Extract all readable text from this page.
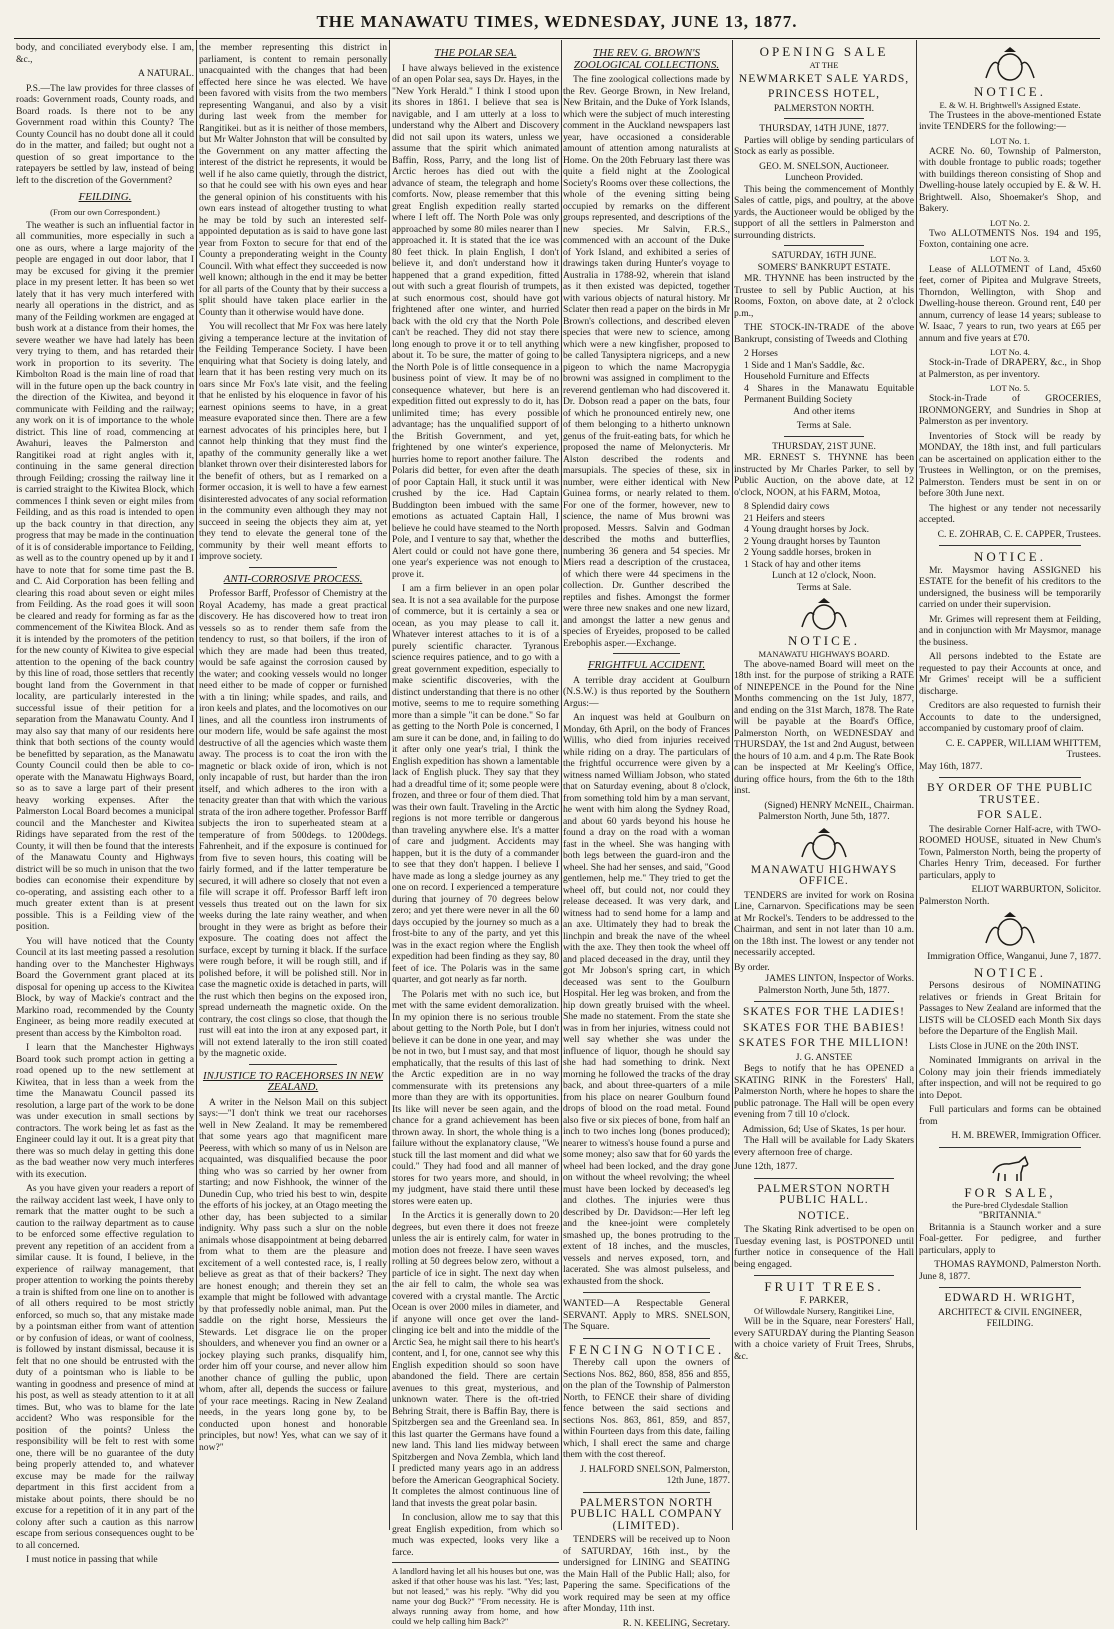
THE MANAWATU TIMES, WEDNESDAY, JUNE 13, 1877.

body, and conciliated everybody else. I am, &c.,

A NATURAL.

P.S.—The law provides for three classes of roads: Government roads, County roads, and Board roads. Is there not to be any Government road within this County? The County Council has no doubt done all it could do in the matter, and failed; but ought not a question of so great importance to the ratepayers be settled by law, instead of being left to the discretion of the Government?

FEILDING.

(From our own Correspondent.)

The weather is such an influential factor in all communities, more especially in such a one as ours, where a large majority of the people are engaged in out door labor, that I may be excused for giving it the premier place in my present letter. It has been so wet lately that it has very much interfered with nearly all operations in the district, and as many of the Feilding workmen are engaged at bush work at a distance from their homes, the severe weather we have had lately has been very trying to them, and has retarded their work in proportion to its severity. The Kimbolton Road is the main line of road that will in the future open up the back country in the direction of the Kiwitea, and beyond it communicate with Feilding and the railway; any work on it is of importance to the whole district. This line of road, commencing at Awahuri, leaves the Palmerston and Rangitikei road at right angles with it, continuing in the same general direction through Feilding; crossing the railway line it is carried straight to the Kiwitea Block, which commences I think seven or eight miles from Feilding, and as this road is intended to open up the back country in that direction, any progress that may be made in the continuation of it is of considerable importance to Feilding, as well as to the country opened up by it and I have to note that for some time past the B. and C. Aid Corporation has been felling and clearing this road about seven or eight miles from Feilding. As the road goes it will soon be cleared and ready for forming as far as the commencement of the Kiwitea Block. And as it is intended by the promoters of the petition for the new county of Kiwitea to give especial attention to the opening of the back country by this line of road, those settlers that recently bought land from the Government in that locality, are particularly interested in the successful issue of their petition for a separation from the Manawatu County. And I may also say that many of our residents here think that both sections of the county would be benefitted by separation, as the Manawatu County Council could then be able to co-operate with the Manawatu Highways Board, so as to save a large part of their present heavy working expenses. After the Palmerston Local Board becomes a municipal council and the Manchester and Kiwitea Ridings have separated from the rest of the County, it will then be found that the interests of the Manawatu County and Highways district will be so much in unison that the two bodies can economise their expenditure by co-operating, and assisting each other to a much greater extent than is at present possible. This is a Feilding view of the position.

You will have noticed that the County Council at its last meeting passed a resolution handing over to the Manchester Highways Board the Government grant placed at its disposal for opening up access to the Kiwitea Block, by way of Mackie's contract and the Markino road, recommended by the County Engineer, as being more readily executed at present than access by the Kimbolton road.

I learn that the Manchester Highways Board took such prompt action in getting a road opened up to the new settlement at Kiwitea, that in less than a week from the time the Manawatu Council passed its resolution, a large part of the work to be done was under execution in small sections by contractors. The work being let as fast as the Engineer could lay it out. It is a great pity that there was so much delay in getting this done as the bad weather now very much interferes with its execution.

As you have given your readers a report of the railway accident last week, I have only to remark that the matter ought to be such a caution to the railway department as to cause to be enforced some effective regulation to prevent any repetition of an accident from a similar cause. It is found, I believe, in the experience of railway management, that proper attention to working the points thereby a train is shifted from one line on to another is of all others required to be most strictly enforced, so much so, that any mistake made by a pointsman either from want of attention or by confusion of ideas, or want of coolness, is followed by instant dismissal, because it is felt that no one should be entrusted with the duty of a pointsman who is liable to be wanting in goodness and presence of mind at his post, as well as steady attention to it at all times. But, who was to blame for the late accident? Who was responsible for the position of the points? Unless the responsibility will be felt to rest with some one, there will be no guarantee of the duty being properly attended to, and whatever excuse may be made for the railway department in this first accident from a mistake about points, there should be no excuse for a repetition of it in any part of the colony after such a caution as this narrow escape from serious consequences ought to be to all concerned.

I must notice in passing that while

the member representing this district in parliament, is content to remain personally unacquainted with the changes that had been effected here since he was elected. We have been favored with visits from the two members representing Wanganui, and also by a visit during last week from the member for Rangitikei. but as it is neither of those members, but Mr Walter Johnston that will be consulted by the Government on any matter affecting the interest of the district he represents, it would be well if he also came quietly, through the district, so that he could see with his own eyes and hear the general opinion of his constituents with his own ears instead of altogether trusting to what he may be told by such an interested self-appointed deputation as is said to have gone last year from Foxton to secure for that end of the County a preponderating weight in the County Council. With what effect they succeeded is now well known; although in the end it may be better for all parts of the County that by their success a split should have taken place earlier in the County than it otherwise would have done.

You will recollect that Mr Fox was here lately giving a temperance lecture at the invitation of the Feilding Temperance Society. I have been enquiring what that Society is doing lately, and learn that it has been resting very much on its oars since Mr Fox's late visit, and the feeling that he enlisted by his eloquence in favor of his earnest opinions seems to have, in a great measure evaporated since then. There are a few earnest advocates of his principles here, but I cannot help thinking that they must find the apathy of the community generally like a wet blanket thrown over their disinterested labors for the benefit of others, but as I remarked on a former occasion, it is well to have a few earnest disinterested advocates of any social reformation in the community even although they may not succeed in seeing the objects they aim at, yet they tend to elevate the general tone of the community by their well meant efforts to improve society.

ANTI-CORROSIVE PROCESS.

Professor Barff, Professor of Chemistry at the Royal Academy, has made a great practical discovery. He has discovered how to treat iron vessels so as to render them safe from the tendency to rust, so that boilers, if the iron of which they are made had been thus treated, would be safe against the corrosion caused by the water; and cooking vessels would no longer need either to be made of copper or furnished with a tin lining; while spades, and rails, and iron keels and plates, and the locomotives on our lines, and all the countless iron instruments of our modern life, would be safe against the most destructive of all the agencies which waste them away. The process is to coat the iron with the magnetic or black oxide of iron, which is not only incapable of rust, but harder than the iron itself, and which adheres to the iron with a tenacity greater than that with which the various strata of the iron adhere together. Professor Barff subjects the iron to superheated steam at a temperature of from 500degs. to 1200degs. Fahrenheit, and if the exposure is continued for from five to seven hours, this coating will be fairly formed, and if the latter temperature be secured, it will adhere so closely that not even a file will scrape it off. Professor Barff left iron vessels thus treated out on the lawn for six weeks during the late rainy weather, and when brought in they were as bright as before their exposure. The coating does not affect the surface, except by turning it black. If the surface were rough before, it will be rough still, and if polished before, it will be polished still. Nor in case the magnetic oxide is detached in parts, will the rust which then begins on the exposed iron, spread underneath the magnetic oxide. On the contrary, the cost clings so close, that though the rust will eat into the iron at any exposed part, it will not extend laterally to the iron still coated by the magnetic oxide.

INJUSTICE TO RACEHORSES IN NEW ZEALAND.

A writer in the Nelson Mail on this subject says:—"I don't think we treat our racehorses well in New Zealand. It may be remembered that some years ago that magnificent mare Peeress, with which so many of us in Nelson are acquainted, was disqualified because the poor thing who was so carried by her owner from starting; and now Fishhook, the winner of the Dunedin Cup, who tried his best to win, despite the efforts of his jockey, at an Otago meeting the other day, has been subjected to a similar indignity. Why pass such a slur on the noble animals whose disappointment at being debarred from what to them are the pleasure and excitement of a well contested race, is, I really believe as great as that of their backers? They are honest enough; and therein they set an example that might be followed with advantage by that professedly noble animal, man. Put the saddle on the right horse, Messieurs the Stewards. Let disgrace lie on the proper shoulders, and whenever you find an owner or a jockey playing such pranks, disqualify him, order him off your course, and never allow him another chance of gulling the public, upon whom, after all, depends the success or failure of your race meetings. Racing in New Zealand needs, in the years long gone by, to be conducted upon honest and honorable principles, but now! Yes, what can we say of it now?"

THE POLAR SEA.

I have always believed in the existence of an open Polar sea, says Dr. Hayes, in the "New York Herald." I think I stood upon its shores in 1861. I believe that sea is navigable, and I am utterly at a loss to understand why the Albert and Discovery did not sail upon its waters, unless we assume that the spirit which animated Baffin, Ross, Parry, and the long list of Arctic heroes has died out with the advance of steam, the telegraph and home comforts. Now, please remember that this great English expedition really started where I left off. The North Pole was only approached by some 80 miles nearer than I approached it. It is stated that the ice was 80 feet thick. In plain English, I don't believe it, and don't understand how it happened that a grand expedition, fitted out with such a great flourish of trumpets, at such enormous cost, should have got frightened after one winter, and hurried back with the old cry that the North Pole can't be reached. They did not stay there long enough to prove it or to tell anything about it. To be sure, the matter of going to the North Pole is of little consequence in a business point of view. It may be of no consequence whatever, but here is an expedition fitted out expressly to do it, has unlimited time; has every possible advantage; has the unqualified support of the British Government, and yet, frightened by one winter's experience, hurries home to report another failure. The Polaris did better, for even after the death of poor Captain Hall, it stuck until it was crushed by the ice. Had Captain Buddington been imbued with the same emotions as actuated Captain Hall, I believe he could have steamed to the North Pole, and I venture to say that, whether the Alert could or could not have gone there, one year's experience was not enough to prove it.

I am a firm believer in an open polar sea. It is not a sea available for the purpose of commerce, but it is certainly a sea or ocean, as you may please to call it. Whatever interest attaches to it is of a purely scientific character. Tyranous science requires patience, and to go with a great government expedition, especially to make scientific discoveries, with the distinct understanding that there is no other motive, seems to me to require something more than a simple "it can be done." So far as getting to the North Pole is concerned, I am sure it can be done, and, in failing to do it after only one year's trial, I think the English expedition has shown a lamentable lack of English pluck. They say that they had a dreadful time of it; some people were frozen, and three or four of them died. That was their own fault. Traveling in the Arctic regions is not more terrible or dangerous than traveling anywhere else. It's a matter of care and judgment. Accidents may happen, but it is the duty of a commander to see that they don't happen. I believe I have made as long a sledge journey as any one on record. I experienced a temperature during that journey of 70 degrees below zero; and yet there were never in all the 60 days occupied by the journey so much as a frost-bite to any of the party, and yet this was in the exact region where the English expedition had been finding as they say, 80 feet of ice. The Polaris was in the same quarter, and got nearly as far north.

The Polaris met with no such ice, but met with the same evident demoralization. In my opinion there is no serious trouble about getting to the North Pole, but I don't believe it can be done in one year, and may be not in two, but I must say, and that most emphatically, that the results of this last of the Arctic expedition are in no way commensurate with its pretensions any more than they are with its opportunities. Its like will never be seen again, and the chance for a grand achievement has been thrown away. In short, the whole thing is a failure without the explanatory clause, "We stuck till the last moment and did what we could." They had food and all manner of stores for two years more, and should, in my judgment, have staid there until these stores were eaten up.

In the Arctics it is generally down to 20 degrees, but even there it does not freeze unless the air is entirely calm, for water in motion does not freeze. I have seen waves rolling at 50 degrees below zero, without a particle of ice in sight. The next day when the air fell to calm, the whole sea was covered with a crystal mantle. The Arctic Ocean is over 2000 miles in diameter, and if anyone will once get over the land-clinging ice belt and into the middle of the Arctic Sea, he might sail there to his heart's content, and I, for one, cannot see why this English expedition should so soon have abandoned the field. There are certain avenues to this great, mysterious, and unknown water. There is the oft-tried Behring Strait, there is Baffin Bay, there is Spitzbergen sea and the Greenland sea. In this last quarter the Germans have found a new land. This land lies midway between Spitzbergen and Nova Zembla, which land I predicted many years ago in an address before the American Geographical Society. It completes the almost continuous line of land that invests the great polar basin.

In conclusion, allow me to say that this great English expedition, from which so much was expected, looks very like a farce.

A landlord having let all his houses but one, was asked if that other house was his last. "Yes; last, but not leased," was his reply. "Why did you name your dog Buck?" "From necessity. He is always running away from home, and how could we help calling him Back?"
THE REV. G. BROWN'S ZOOLOGICAL COLLECTIONS.

The fine zoological collections made by the Rev. George Brown, in New Ireland, New Britain, and the Duke of York Islands, which were the subject of much interesting comment in the Auckland newspapers last year, have occasioned a considerable amount of attention among naturalists at Home. On the 20th February last there was quite a field night at the Zoological Society's Rooms over these collections, the whole of the evening sitting being occupied by remarks on the different groups represented, and descriptions of the new species. Mr Salvin, F.R.S., commenced with an account of the Duke of York Island, and exhibited a series of drawings taken during Hunter's voyage to Australia in 1788-92, wherein that island as it then existed was depicted, together with various objects of natural history. Mr Sclater then read a paper on the birds in Mr Brown's collections, and described eleven species that were new to science, among which were a new kingfisher, proposed to be called Tanysiptera nigriceps, and a new pigeon to which the name Macropygia browni was assigned in compliment to the reverend gentleman who had discovered it. Dr. Dobson read a paper on the bats, four of which he pronounced entirely new, one of them belonging to a hitherto unknown genus of the fruit-eating bats, for which he proposed the name of Melonycteris. Mr Alston described the rodents and marsupials. The species of these, six in number, were either identical with New Guinea forms, or nearly related to them. For one of the former, however, new to science, the name of Mus browni was proposed. Messrs. Salvin and Godman described the moths and butterflies, numbering 36 genera and 54 species. Mr Miers read a description of the crustacea, of which there were 44 specimens in the collection. Dr. Gunther described the reptiles and fishes. Amongst the former were three new snakes and one new lizard, and amongst the latter a new genus and species of Eryeides, proposed to be called Erebophis asper.—Exchange.

FRIGHTFUL ACCIDENT.

A terrible dray accident at Goulburn (N.S.W.) is thus reported by the Southern Argus:—

An inquest was held at Goulburn on Monday, 6th April, on the body of Frances Willis, who died from injuries received while riding on a dray. The particulars of the frightful occurrence were given by a witness named William Jobson, who stated that on Saturday evening, about 8 o'clock, from something told him by a man servant, he went with him along the Sydney Road, and about 60 yards beyond his house he found a dray on the road with a woman fast in the wheel. She was hanging with both legs between the guard-iron and the wheel. She had her senses, and said, "Good gentlemen, help me." They tried to get the wheel off, but could not, nor could they release deceased. It was very dark, and witness had to send home for a lamp and an axe. Ultimately they had to break the linchpin and break the nave of the wheel with the axe. They then took the wheel off and placed deceased in the dray, until they got Mr Jobson's spring cart, in which deceased was sent to the Goulburn Hospital. Her leg was broken, and from the hip down greatly bruised with the wheel. She made no statement. From the state she was in from her injuries, witness could not well say whether she was under the influence of liquor, though he should say she had had something to drink. Next morning he followed the tracks of the dray back, and about three-quarters of a mile from his place on nearer Goulburn found drops of blood on the road metal. Found also five or six pieces of bone, from half an inch to two inches long (bones produced); nearer to witness's house found a purse and some money; also saw that for 60 yards the wheel had been locked, and the dray gone on without the wheel revolving; the wheel must have been locked by deceased's leg and clothes. The injuries were thus described by Dr. Davidson:—Her left leg and the knee-joint were completely smashed up, the bones protruding to the extent of 18 inches, and the muscles, vessels and nerves exposed, torn, and lacerated. She was almost pulseless, and exhausted from the shock.

WANTED—A Respectable General SERVANT. Apply to MRS. SNELSON, The Square.

FENCING NOTICE.

Thereby call upon the owners of Sections Nos. 862, 860, 858, 856 and 855, on the plan of the Township of Palmerston North, to FENCE their share of dividing fence between the said sections and sections Nos. 863, 861, 859, and 857, within Fourteen days from this date, failing which, I shall erect the same and charge them with the cost thereof.

J. HALFORD SNELSON, Palmerston, 12th June, 1877.

PALMERSTON NORTH PUBLIC HALL COMPANY (LIMITED).

TENDERS will be received up to Noon of SATURDAY, 16th inst., by the undersigned for LINING and SEATING the Main Hall of the Public Hall; also, for Papering the same. Specifications of the work required may be seen at my office after Monday, 11th inst.

R. N. KEELING, Secretary.

OPENING SALE
AT THE
NEWMARKET SALE YARDS,
PRINCESS HOTEL,
PALMERSTON NORTH.
THURSDAY, 14TH JUNE, 1877.

Parties will oblige by sending particulars of Stock as early as possible.

GEO. M. SNELSON, Auctioneer.
Luncheon Provided.

This being the commencement of Monthly Sales of cattle, pigs, and poultry, at the above yards, the Auctioneer would be obliged by the support of all the settlers in Palmerston and surrounding districts.

SATURDAY, 16TH JUNE.
SOMERS' BANKRUPT ESTATE.

MR. THYNNE has been instructed by the Trustee to sell by Public Auction, at his Rooms, Foxton, on above date, at 2 o'clock p.m.,

THE STOCK-IN-TRADE of the above Bankrupt, consisting of Tweeds and Clothing

2 Horses

1 Side and 1 Man's Saddle, &c.

Household Furniture and Effects

4 Shares in the Manawatu Equitable Permanent Building Society

And other items

Terms at Sale.
THURSDAY, 21ST JUNE.

MR. ERNEST S. THYNNE has been instructed by Mr Charles Parker, to sell by Public Auction, on the above date, at 12 o'clock, NOON, at his FARM, Motoa,

8 Splendid dairy cows

21 Heifers and steers

4 Young draught horses by Jock.

2 Young draught horses by Taunton

2 Young saddle horses, broken in

1 Stack of hay and other items

Lunch at 12 o'clock, Noon.
Terms at Sale.
NOTICE.
MANAWATU HIGHWAYS BOARD.

The above-named Board will meet on the 18th inst. for the purpose of striking a RATE of NINEPENCE in the Pound for the Nine Months commencing on the 1st July, 1877, and ending on the 31st March, 1878. The Rate will be payable at the Board's Office, Palmerston North, on WEDNESDAY and THURSDAY, the 1st and 2nd August, between the hours of 10 a.m. and 4 p.m. The Rate Book can be inspected at Mr Keeling's Office, during office hours, from the 6th to the 18th inst.

(Signed) HENRY McNEIL, Chairman.
Palmerston North, June 5th, 1877.
MANAWATU HIGHWAYS OFFICE.

TENDERS are invited for work on Rosina Line, Carnarvon. Specifications may be seen at Mr Rockel's. Tenders to be addressed to the Chairman, and sent in not later than 10 a.m. on the 18th inst. The lowest or any tender not necessarily accepted.

By order.
JAMES LINTON, Inspector of Works.
Palmerston North, June 5th, 1877.
SKATES FOR THE LADIES!
SKATES FOR THE BABIES!
SKATES FOR THE MILLION!
J. G. ANSTEE

Begs to notify that he has OPENED a SKATING RINK in the Foresters' Hall, Palmerston North, where he hopes to share the public patronage. The Hall will be open every evening from 7 till 10 o'clock.

Admission, 6d; Use of Skates, 1s per hour.

The Hall will be available for Lady Skaters every afternoon free of charge.

June 12th, 1877.
PALMERSTON NORTH PUBLIC HALL.
NOTICE.

The Skating Rink advertised to be open on Tuesday evening last, is POSTPONED until further notice in consequence of the Hall being engaged.

FRUIT TREES.
F. PARKER,
Of Willowdale Nursery, Rangitikei Line,

Will be in the Square, near Foresters' Hall, every SATURDAY during the Planting Season with a choice variety of Fruit Trees, Shrubs, &c.

NOTICE.
E. & W. H. Brightwell's Assigned Estate.

The Trustees in the above-mentioned Estate invite TENDERS for the following:—

LOT No. 1.

ACRE No. 60, Township of Palmerston, with double frontage to public roads; together with buildings thereon consisting of Shop and Dwelling-house lately occupied by E. & W. H. Brightwell. Also, Shoemaker's Shop, and Bakery.

LOT No. 2.

Two ALLOTMENTS Nos. 194 and 195, Foxton, containing one acre.

LOT No. 3.

Lease of ALLOTMENT of Land, 45x60 feet, corner of Pipitea and Mulgrave Streets, Thorndon, Wellington, with Shop and Dwelling-house thereon. Ground rent, £40 per annum, currency of lease 14 years; sublease to W. Isaac, 7 years to run, two years at £65 per annum and five years at £70.

LOT No. 4.

Stock-in-Trade of DRAPERY, &c., in Shop at Palmerston, as per inventory.

LOT No. 5.

Stock-in-Trade of GROCERIES, IRONMONGERY, and Sundries in Shop at Palmerston as per inventory.

Inventories of Stock will be ready by MONDAY, the 18th inst, and full particulars can be ascertained on application either to the Trustees in Wellington, or on the premises, Palmerston. Tenders must be sent in on or before 30th June next.

The highest or any tender not necessarily accepted.

C. E. ZOHRAB, C. E. CAPPER, Trustees.
NOTICE.

Mr. Maysmor having ASSIGNED his ESTATE for the benefit of his creditors to the undersigned, the business will be temporarily carried on under their supervision.

Mr. Grimes will represent them at Feilding, and in conjunction with Mr Maysmor, manage the business.

All persons indebted to the Estate are requested to pay their Accounts at once, and Mr Grimes' receipt will be a sufficient discharge.

Creditors are also requested to furnish their Accounts to date to the undersigned, accompanied by customary proof of claim.

C. E. CAPPER, WILLIAM WHITTEM, Trustees.
May 16th, 1877.
BY ORDER OF THE PUBLIC TRUSTEE.
FOR SALE.

The desirable Corner Half-acre, with TWO-ROOMED HOUSE, situated in New Chum's Town, Palmerston North, being the property of Charles Henry Trim, deceased. For further particulars, apply to

ELIOT WARBURTON, Solicitor.
Palmerston North.
Immigration Office, Wanganui, June 7, 1877.
NOTICE.

Persons desirous of NOMINATING relatives or friends in Great Britain for Passages to New Zealand are informed that the LISTS will be CLOSED each Month Six days before the Departure of the English Mail.

Lists Close in JUNE on the 20th INST.

Nominated Immigrants on arrival in the Colony may join their friends immediately after inspection, and will not be required to go into Depot.

Full particulars and forms can be obtained from

H. M. BREWER, Immigration Officer.
FOR SALE,
the Pure-bred Clydesdale Stallion
"BRITANNIA."

Britannia is a Staunch worker and a sure Foal-getter. For pedigree, and further particulars, apply to

THOMAS RAYMOND, Palmerston North.
June 8, 1877.
EDWARD H. WRIGHT,
ARCHITECT & CIVIL ENGINEER,
FEILDING.
